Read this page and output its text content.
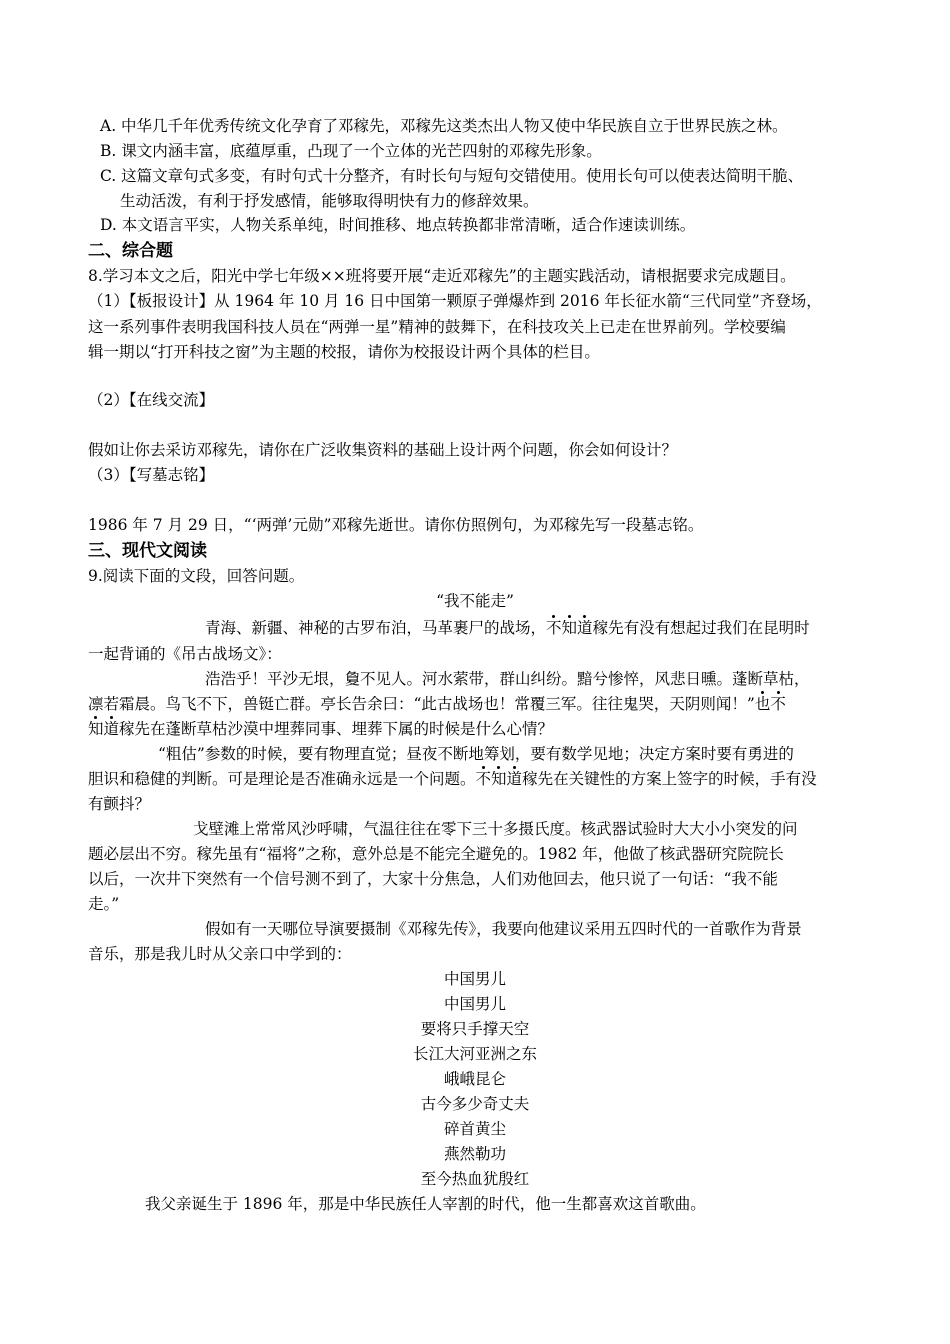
A. 中华几千年优秀传统文化孕育了邓稼先，邓稼先这类杰出人物又使中华民族自立于世界民族之林。
B. 课文内涵丰富，底蕴厚重，凸现了一个立体的光芒四射的邓稼先形象。
C. 这篇文章句式多变，有时句式十分整齐，有时长句与短句交错使用。使用长句可以使表达简明干脆、
生动活泼，有利于抒发感情，能够取得明快有力的修辞效果。
D. 本文语言平实，人物关系单纯，时间推移、地点转换都非常清晰，适合作速读训练。
二、综合题
8.学习本文之后，阳光中学七年级××班将要开展“走近邓稼先”的主题实践活动，请根据要求完成题目。
（1）【板报设计】从 1964 年 10 月 16 日中国第一颗原子弹爆炸到 2016 年长征水箭“三代同堂”齐登场，
这一系列事件表明我国科技人员在“两弹一星”精神的鼓舞下，在科技攻关上已走在世界前列。学校要编
辑一期以“打开科技之窗”为主题的校报，请你为校报设计两个具体的栏目。
（2）【在线交流】
假如让你去采访邓稼先，请你在广泛收集资料的基础上设计两个问题，你会如何设计？
（3）【写墓志铭】
1986 年 7 月 29 日，“‘两弹’元勋”邓稼先逝世。请你仿照例句，为邓稼先写一段墓志铭。
三、现代文阅读
9.阅读下面的文段，回答问题。
“我不能走”
青海、新疆、神秘的古罗布泊，马革裹尸的战场，不知道稼先有没有想起过我们在昆明时
一起背诵的《吊古战场文》：
浩浩乎！平沙无垠，敻不见人。河水萦带，群山纠纷。黯兮惨悴，风悲日曛。蓬断草枯，
凛若霜晨。鸟飞不下，兽铤亡群。亭长告余曰：“此古战场也！常覆三军。往往鬼哭，天阴则闻！”也不
知道稼先在蓬断草枯沙漠中埋葬同事、埋葬下属的时候是什么心情？
“粗估”参数的时候，要有物理直觉；昼夜不断地筹划，要有数学见地；决定方案时要有勇进的
胆识和稳健的判断。可是理论是否准确永远是一个问题。不知道稼先在关键性的方案上签字的时候，手有没
有颤抖？
戈壁滩上常常风沙呼啸，气温往往在零下三十多摄氏度。核武器试验时大大小小突发的问
题必层出不穷。稼先虽有“福将”之称，意外总是不能完全避免的。1982 年，他做了核武器研究院院长
以后，一次井下突然有一个信号测不到了，大家十分焦急，人们劝他回去，他只说了一句话：“我不能
走。”
假如有一天哪位导演要摄制《邓稼先传》，我要向他建议采用五四时代的一首歌作为背景
音乐，那是我儿时从父亲口中学到的：
中国男儿
中国男儿
要将只手撑天空
长江大河亚洲之东
峨峨昆仑
古今多少奇丈夫
碎首黄尘
燕然勒功
至今热血犹殷红
我父亲诞生于 1896 年，那是中华民族任人宰割的时代，他一生都喜欢这首歌曲。
